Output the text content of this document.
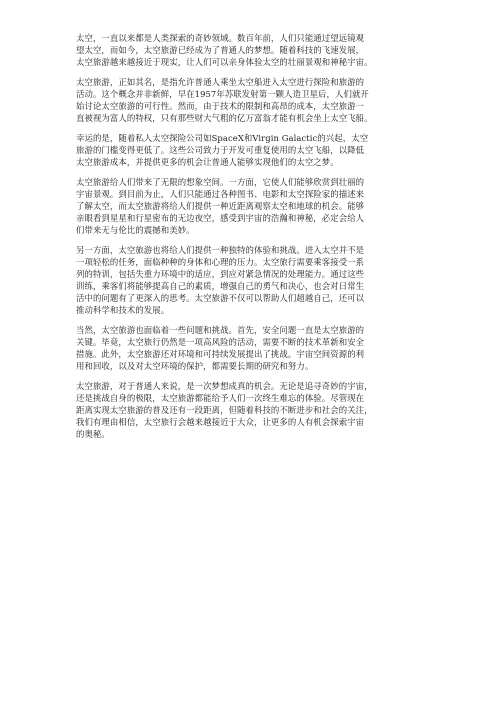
太空，一直以来都是人类探索的奇妙领域。数百年前，人们只能通过望远镜观
望太空，而如今，太空旅游已经成为了普通人的梦想。随着科技的飞速发展，
太空旅游越来越接近于现实，让人们可以亲身体验太空的壮丽景观和神秘宇宙。
太空旅游，正如其名，是指允许普通人乘坐太空船进入太空进行探险和旅游的
活动。这个概念并非新鲜，早在1957年苏联发射第一颗人造卫星后，人们就开
始讨论太空旅游的可行性。然而，由于技术的限制和高昂的成本，太空旅游一
直被视为富人的特权，只有那些财大气粗的亿万富翁才能有机会坐上太空飞船。
幸运的是，随着私人太空探险公司如SpaceX和Virgin Galactic的兴起，太空
旅游的门槛变得更低了。这些公司致力于开发可重复使用的太空飞船，以降低
太空旅游成本，并提供更多的机会让普通人能够实现他们的太空之梦。
太空旅游给人们带来了无限的想象空间。一方面，它使人们能够欣赏到壮丽的
宇宙景观。到目前为止，人们只能通过各种图书、电影和太空探险家的描述来
了解太空，而太空旅游将给人们提供一种近距离观察太空和地球的机会。能够
亲眼看到星星和行星密布的无边夜空，感受到宇宙的浩瀚和神秘，必定会给人
们带来无与伦比的震撼和美妙。
另一方面，太空旅游也将给人们提供一种独特的体验和挑战。进入太空并不是
一项轻松的任务，面临种种的身体和心理的压力。太空旅行需要乘客接受一系
列的特训，包括失重力环境中的适应，到应对紧急情况的处理能力。通过这些
训练，乘客们将能够提高自己的素质，增强自己的勇气和决心，也会对日常生
活中的问题有了更深入的思考。太空旅游不仅可以帮助人们超越自己，还可以
推动科学和技术的发展。
当然，太空旅游也面临着一些问题和挑战。首先，安全问题一直是太空旅游的
关键。毕竟，太空旅行仍然是一项高风险的活动，需要不断的技术革新和安全
措施。此外，太空旅游还对环境和可持续发展提出了挑战。宇宙空间资源的利
用和回收，以及对太空环境的保护，都需要长期的研究和努力。
太空旅游，对于普通人来说，是一次梦想成真的机会。无论是追寻奇妙的宇宙，
还是挑战自身的极限，太空旅游都能给予人们一次终生难忘的体验。尽管现在
距离实现太空旅游的普及还有一段距离，但随着科技的不断进步和社会的关注，
我们有理由相信，太空旅行会越来越接近于大众，让更多的人有机会探索宇宙
的奥秘。
